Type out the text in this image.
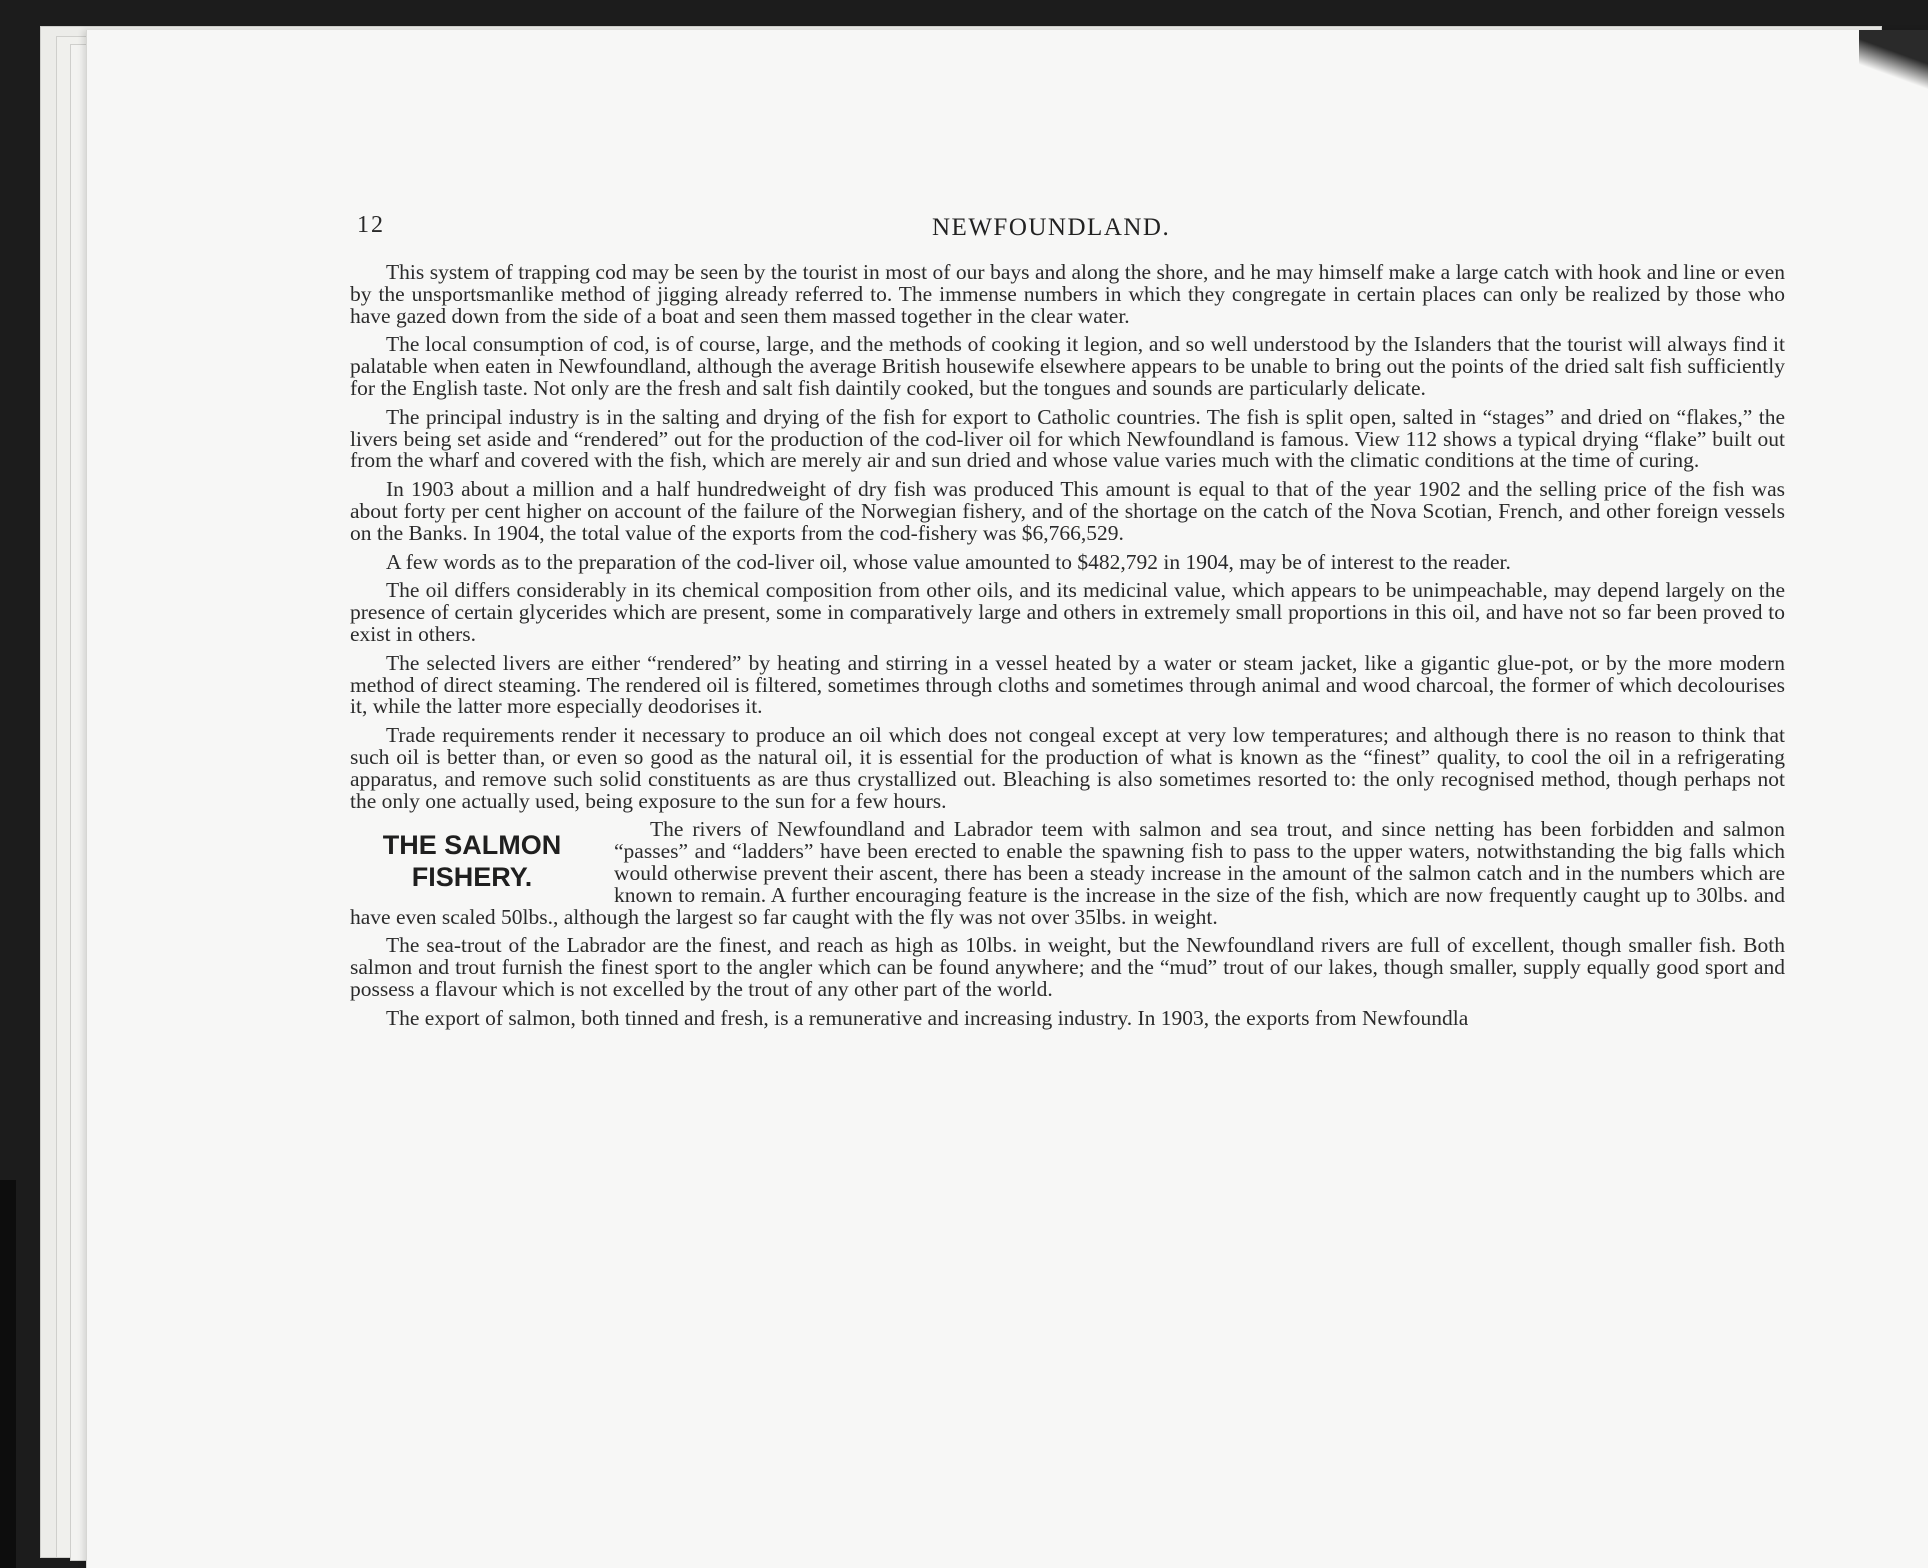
12	NEWFOUNDLAND.

This system of trapping cod may be seen by the tourist in most of our bays and along the shore, and he may himself make a large catch with hook and line or even by the unsportsmanlike method of jigging already referred to. The immense numbers in which they congregate in certain places can only be realized by those who have gazed down from the side of a boat and seen them massed together in the clear water.

The local consumption of cod, is of course, large, and the methods of cooking it legion, and so well understood by the Islanders that the tourist will always find it palatable when eaten in Newfoundland, although the average British housewife elsewhere appears to be unable to bring out the points of the dried salt fish sufficiently for the English taste. Not only are the fresh and salt fish daintily cooked, but the tongues and sounds are particularly delicate.

The principal industry is in the salting and drying of the fish for export to Catholic countries. The fish is split open, salted in “stages” and dried on “flakes,” the livers being set aside and “rendered” out for the production of the cod-liver oil for which Newfoundland is famous. View 112 shows a typical drying “flake” built out from the wharf and covered with the fish, which are merely air and sun dried and whose value varies much with the climatic conditions at the time of curing.

In 1903 about a million and a half hundredweight of dry fish was produced This amount is equal to that of the year 1902 and the selling price of the fish was about forty per cent higher on account of the failure of the Norwegian fishery, and of the shortage on the catch of the Nova Scotian, French, and other foreign vessels on the Banks. In 1904, the total value of the exports from the cod-fishery was $6,766,529.

A few words as to the preparation of the cod-liver oil, whose value amounted to $482,792 in 1904, may be of interest to the reader.

The oil differs considerably in its chemical composition from other oils, and its medicinal value, which appears to be unimpeachable, may depend largely on the presence of certain glycerides which are present, some in comparatively large and others in extremely small proportions in this oil, and have not so far been proved to exist in others.

The selected livers are either “rendered” by heating and stirring in a vessel heated by a water or steam jacket, like a gigantic glue-pot, or by the more modern method of direct steaming. The rendered oil is filtered, sometimes through cloths and sometimes through animal and wood charcoal, the former of which decolourises it, while the latter more especially deodorises it.

Trade requirements render it necessary to produce an oil which does not congeal except at very low temperatures; and although there is no reason to think that such oil is better than, or even so good as the natural oil, it is essential for the production of what is known as the “finest” quality, to cool the oil in a refrigerating apparatus, and remove such solid constituents as are thus crystallized out. Bleaching is also sometimes resorted to: the only recognised method, though perhaps not the only one actually used, being exposure to the sun for a few hours.

THE SALMON FISHERY.

The rivers of Newfoundland and Labrador teem with salmon and sea trout, and since netting has been forbidden and salmon “passes” and “ladders” have been erected to enable the spawning fish to pass to the upper waters, notwithstanding the big falls which would otherwise prevent their ascent, there has been a steady increase in the amount of the salmon catch and in the numbers which are known to remain. A further encouraging feature is the increase in the size of the fish, which are now frequently caught up to 30lbs. and have even scaled 50lbs., although the largest so far caught with the fly was not over 35lbs. in weight.

The sea-trout of the Labrador are the finest, and reach as high as 10lbs. in weight, but the Newfoundland rivers are full of excellent, though smaller fish. Both salmon and trout furnish the finest sport to the angler which can be found anywhere; and the “mud” trout of our lakes, though smaller, supply equally good sport and possess a flavour which is not excelled by the trout of any other part of the world.

The export of salmon, both tinned and fresh, is a remunerative and increasing industry. In 1903, the exports from Newfoundla
